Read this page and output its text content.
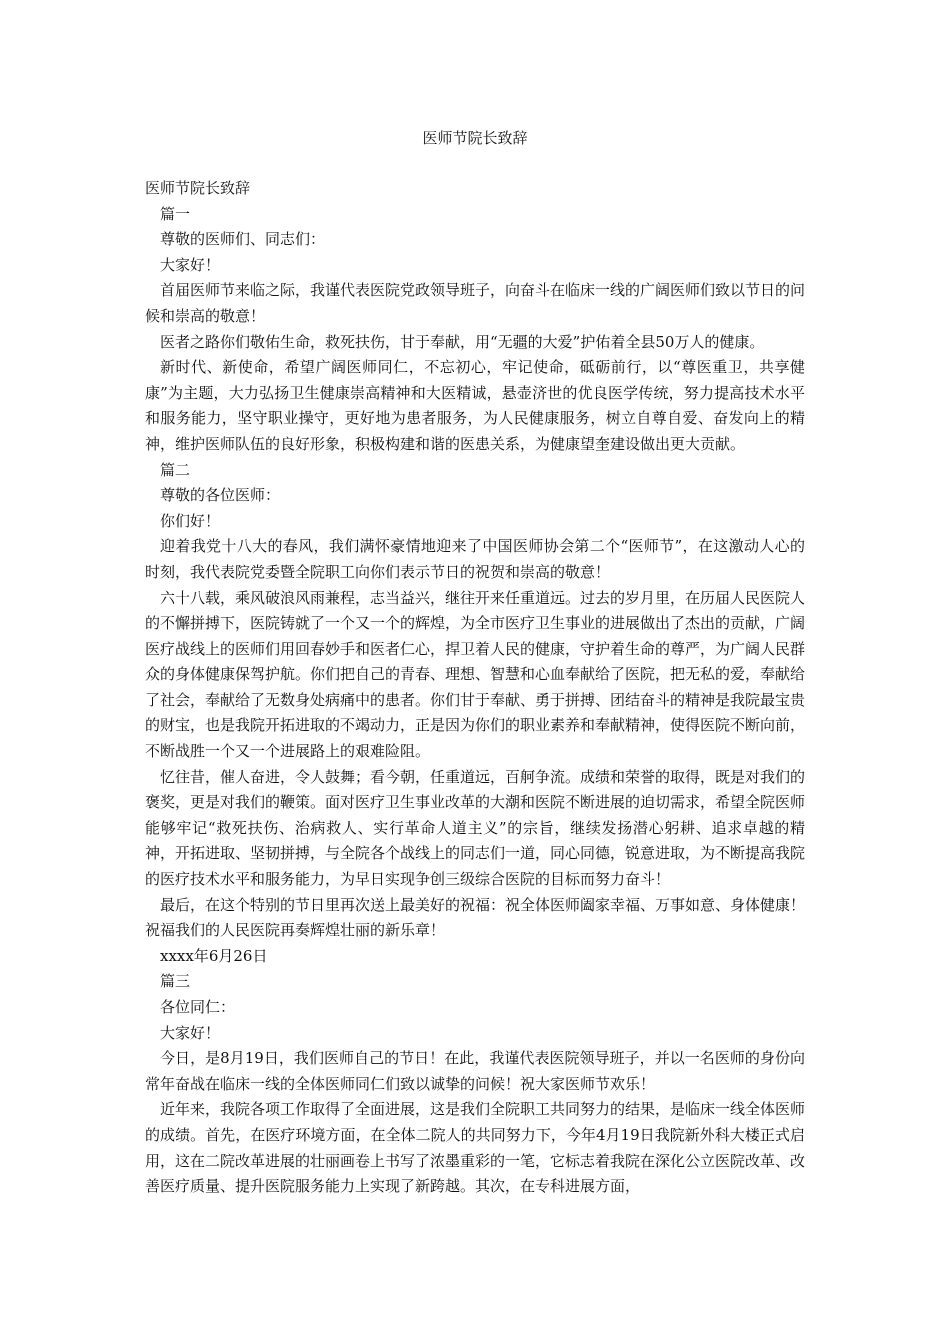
医师节院长致辞

医师节院长致辞

篇一

尊敬的医师们、同志们：

大家好！

首届医师节来临之际，我谨代表医院党政领导班子，向奋斗在临床一线的广阔医师们致以节日的问候和崇高的敬意！

医者之路你们敬佑生命，救死扶伤，甘于奉献，用“无疆的大爱”护佑着全县50万人的健康。

新时代、新使命，希望广阔医师同仁，不忘初心，牢记使命，砥砺前行，以“尊医重卫，共享健康”为主题，大力弘扬卫生健康崇高精神和大医精诚，悬壶济世的优良医学传统，努力提高技术水平和服务能力，坚守职业操守，更好地为患者服务，为人民健康服务，树立自尊自爱、奋发向上的精神，维护医师队伍的良好形象，积极构建和谐的医患关系，为健康望奎建设做出更大贡献。

篇二

尊敬的各位医师：

你们好！

迎着我党十八大的春风，我们满怀豪情地迎来了中国医师协会第二个“医师节”，在这激动人心的时刻，我代表院党委暨全院职工向你们表示节日的祝贺和崇高的敬意！

六十八载，乘风破浪风雨兼程，志当益兴，继往开来任重道远。过去的岁月里，在历届人民医院人的不懈拼搏下，医院铸就了一个又一个的辉煌，为全市医疗卫生事业的进展做出了杰出的贡献，广阔医疗战线上的医师们用回春妙手和医者仁心，捍卫着人民的健康，守护着生命的尊严，为广阔人民群众的身体健康保驾护航。你们把自己的青春、理想、智慧和心血奉献给了医院，把无私的爱，奉献给了社会，奉献给了无数身处病痛中的患者。你们甘于奉献、勇于拼搏、团结奋斗的精神是我院最宝贵的财宝，也是我院开拓进取的不竭动力，正是因为你们的职业素养和奉献精神，使得医院不断向前，不断战胜一个又一个进展路上的艰难险阻。

忆往昔，催人奋进，令人鼓舞；看今朝，任重道远，百舸争流。成绩和荣誉的取得，既是对我们的褒奖，更是对我们的鞭策。面对医疗卫生事业改革的大潮和医院不断进展的迫切需求，希望全院医师能够牢记“救死扶伤、治病救人、实行革命人道主义”的宗旨，继续发扬潜心躬耕、追求卓越的精神，开拓进取、坚韧拼搏，与全院各个战线上的同志们一道，同心同德，锐意进取，为不断提高我院的医疗技术水平和服务能力，为早日实现争创三级综合医院的目标而努力奋斗！

最后，在这个特别的节日里再次送上最美好的祝福：祝全体医师阖家幸福、万事如意、身体健康！祝福我们的人民医院再奏辉煌壮丽的新乐章！

xxxx年6月26日

篇三

各位同仁：

大家好！

今日，是8月19日，我们医师自己的节日！在此，我谨代表医院领导班子，并以一名医师的身份向常年奋战在临床一线的全体医师同仁们致以诚挚的问候！祝大家医师节欢乐！

近年来，我院各项工作取得了全面进展，这是我们全院职工共同努力的结果，是临床一线全体医师的成绩。首先，在医疗环境方面，在全体二院人的共同努力下，今年4月19日我院新外科大楼正式启用，这在二院改革进展的壮丽画卷上书写了浓墨重彩的一笔，它标志着我院在深化公立医院改革、改善医疗质量、提升医院服务能力上实现了新跨越。其次，在专科进展方面，
